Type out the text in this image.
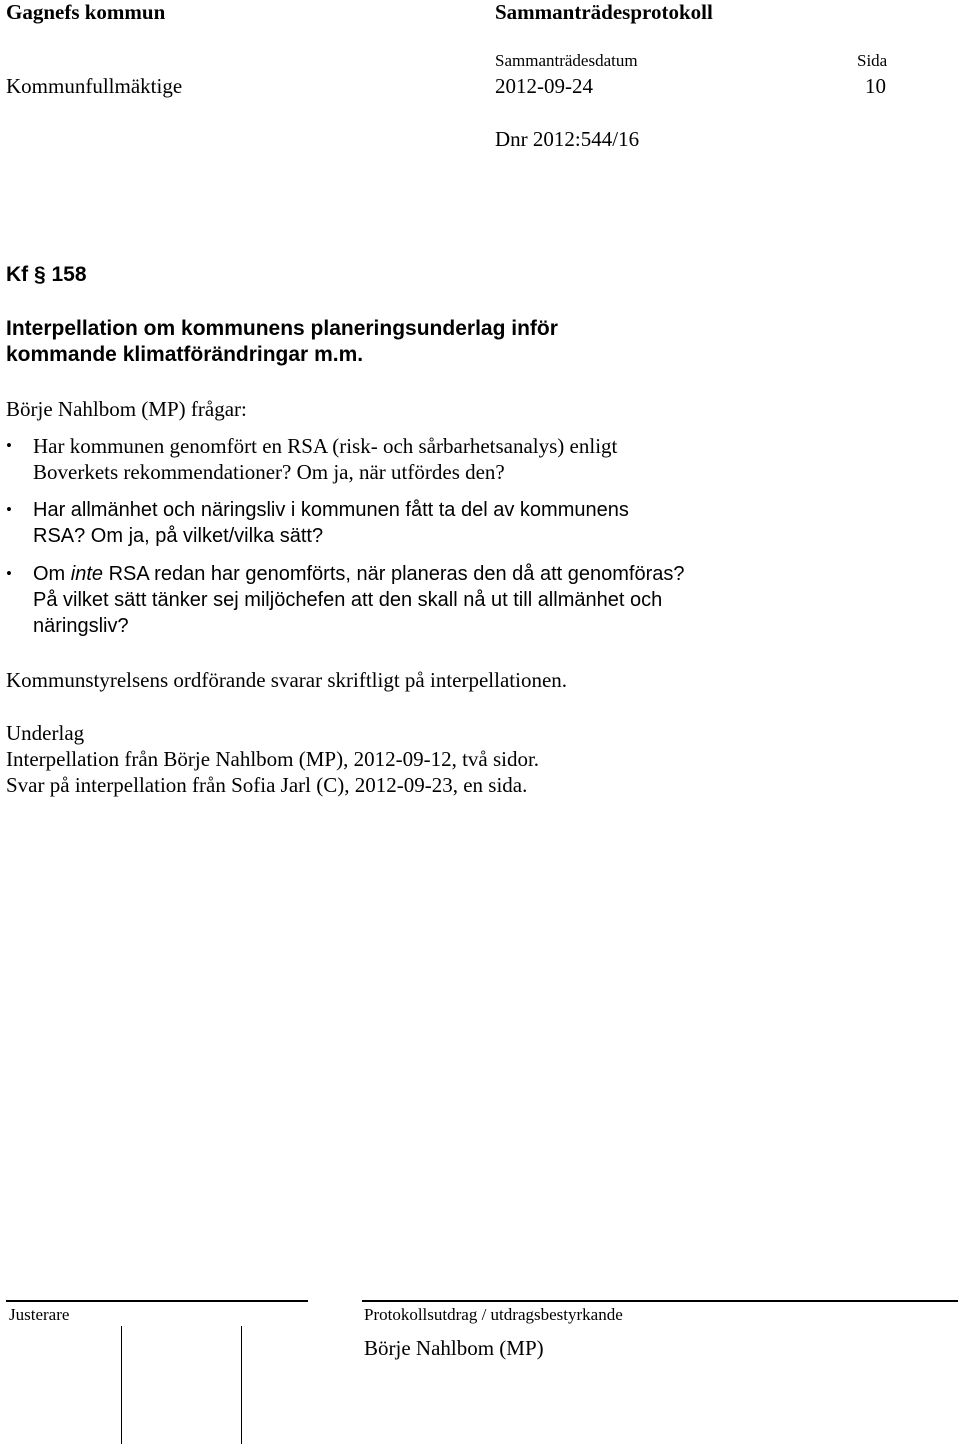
Gagnefs kommun	Sammanträdesprotokoll
Sammanträdesdatum	Sida
Kommunfullmäktige	2012-09-24	10
Dnr 2012:544/16
Kf § 158
Interpellation om kommunens planeringsunderlag inför
kommande klimatförändringar m.m.
Börje Nahlbom (MP) frågar:
• Har kommunen genomfört en RSA (risk- och sårbarhetsanalys) enligt
Boverkets rekommendationer? Om ja, när utfördes den?
• Har allmänhet och näringsliv i kommunen fått ta del av kommunens
RSA? Om ja, på vilket/vilka sätt?
• Om inte RSA redan har genomförts, när planeras den då att genomföras?
På vilket sätt tänker sej miljöchefen att den skall nå ut till allmänhet och
näringsliv?
Kommunstyrelsens ordförande svarar skriftligt på interpellationen.
Underlag
Interpellation från Börje Nahlbom (MP), 2012-09-12, två sidor.
Svar på interpellation från Sofia Jarl (C), 2012-09-23, en sida.
Justerare	Protokollsutdrag / utdragsbestyrkande
Börje Nahlbom (MP)
